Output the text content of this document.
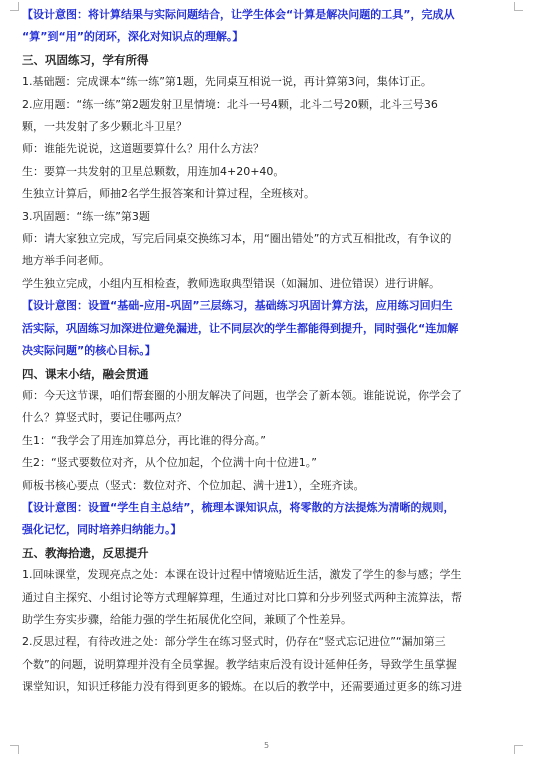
【设计意图：将计算结果与实际问题结合，让学生体会“计算是解决问题的工具”，完成从

“算”到“用”的闭环，深化对知识点的理解。】

三、巩固练习，学有所得

1.基础题：完成课本“练一练”第1题，先同桌互相说一说，再计算第3问，集体订正。

2.应用题：“练一练”第2题发射卫星情境：北斗一号4颗，北斗二号20颗，北斗三号36

颗，一共发射了多少颗北斗卫星？

师：谁能先说说，这道题要算什么？用什么方法？

生：要算一共发射的卫星总颗数，用连加4+20+40。

生独立计算后，师抽2名学生报答案和计算过程，全班核对。

3.巩固题：“练一练”第3题

师：请大家独立完成，写完后同桌交换练习本，用“圈出错处”的方式互相批改，有争议的

地方举手问老师。

学生独立完成，小组内互相检查，教师选取典型错误（如漏加、进位错误）进行讲解。

【设计意图：设置“基础-应用-巩固”三层练习，基础练习巩固计算方法，应用练习回归生

活实际，巩固练习加深进位避免漏进，让不同层次的学生都能得到提升，同时强化“连加解

决实际问题”的核心目标。】

四、课末小结，融会贯通

师：今天这节课，咱们帮套圈的小朋友解决了问题，也学会了新本领。谁能说说，你学会了

什么？算竖式时，要记住哪两点？

生1：“我学会了用连加算总分，再比谁的得分高。”

生2：“竖式要数位对齐，从个位加起，个位满十向十位进1。”

师板书核心要点（竖式：数位对齐、个位加起、满十进1），全班齐读。

【设计意图：设置“学生自主总结”，梳理本课知识点，将零散的方法提炼为清晰的规则，

强化记忆，同时培养归纳能力。】

五、教海拾遗，反思提升

1.回味课堂，发现亮点之处：本课在设计过程中情境贴近生活，激发了学生的参与感；学生

通过自主探究、小组讨论等方式理解算理，生通过对比口算和分步列竖式两种主流算法，帮

助学生夯实步骤，给能力强的学生拓展优化空间，兼顾了个性差异。

2.反思过程，有待改进之处：部分学生在练习竖式时，仍存在“竖式忘记进位”“漏加第三

个数”的问题，说明算理并没有全员掌握。教学结束后没有设计延伸任务，导致学生虽掌握

课堂知识，知识迁移能力没有得到更多的锻炼。在以后的教学中，还需要通过更多的练习进

5
